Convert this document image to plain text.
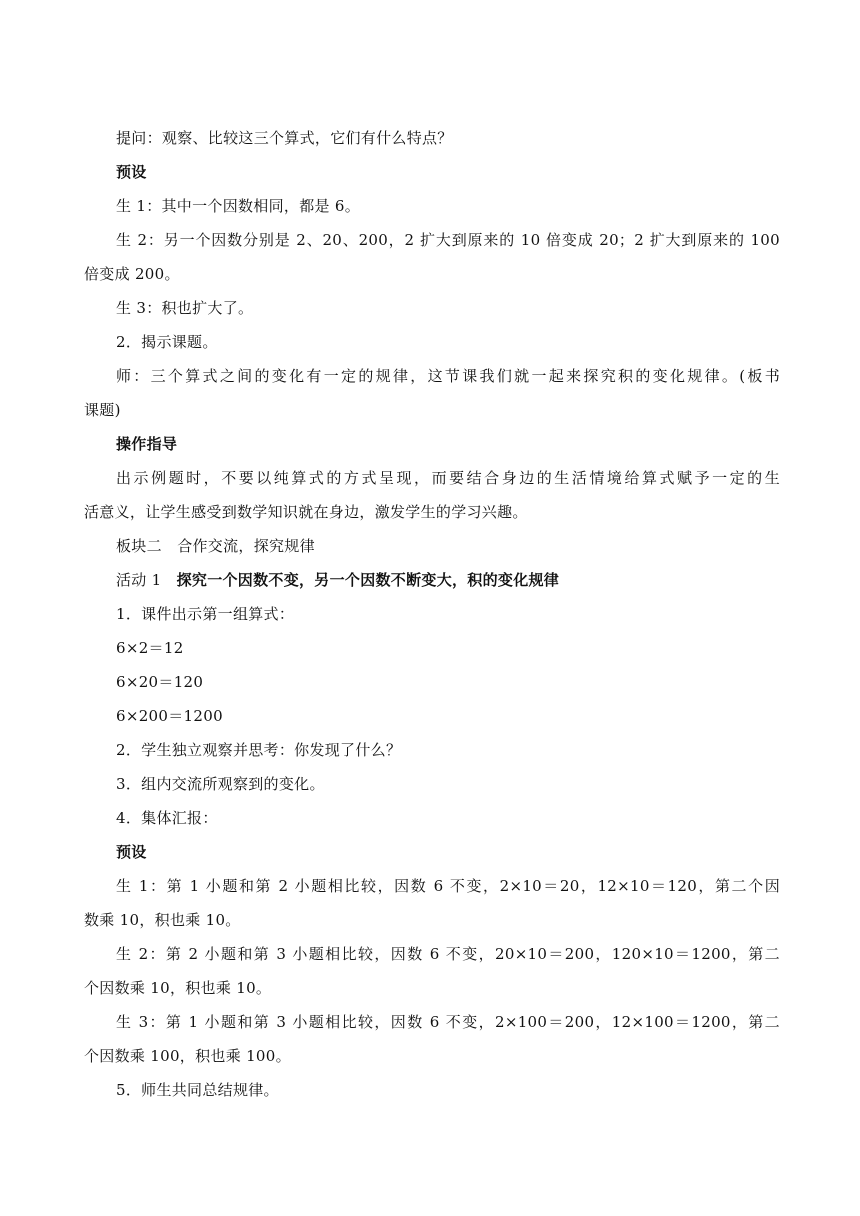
提问：观察、比较这三个算式，它们有什么特点？
预设
生 1：其中一个因数相同，都是 6。
生 2：另一个因数分别是 2、20、200，2 扩大到原来的 10 倍变成 20；2 扩大到原来的 100
倍变成 200。
生 3：积也扩大了。
2．揭示课题。
师：三个算式之间的变化有一定的规律，这节课我们就一起来探究积的变化规律。(板书
课题)
操作指导
出示例题时，不要以纯算式的方式呈现，而要结合身边的生活情境给算式赋予一定的生
活意义，让学生感受到数学知识就在身边，激发学生的学习兴趣。
板块二　合作交流，探究规律
活动 1 探究一个因数不变，另一个因数不断变大，积的变化规律
1．课件出示第一组算式：
6×2＝12
6×20＝120
6×200＝1200
2．学生独立观察并思考：你发现了什么？
3．组内交流所观察到的变化。
4．集体汇报：
预设
生 1：第 1 小题和第 2 小题相比较，因数 6 不变，2×10＝20，12×10＝120，第二个因
数乘 10，积也乘 10。
生 2：第 2 小题和第 3 小题相比较，因数 6 不变，20×10＝200，120×10＝1200，第二
个因数乘 10，积也乘 10。
生 3：第 1 小题和第 3 小题相比较，因数 6 不变，2×100＝200，12×100＝1200，第二
个因数乘 100，积也乘 100。
5．师生共同总结规律。
